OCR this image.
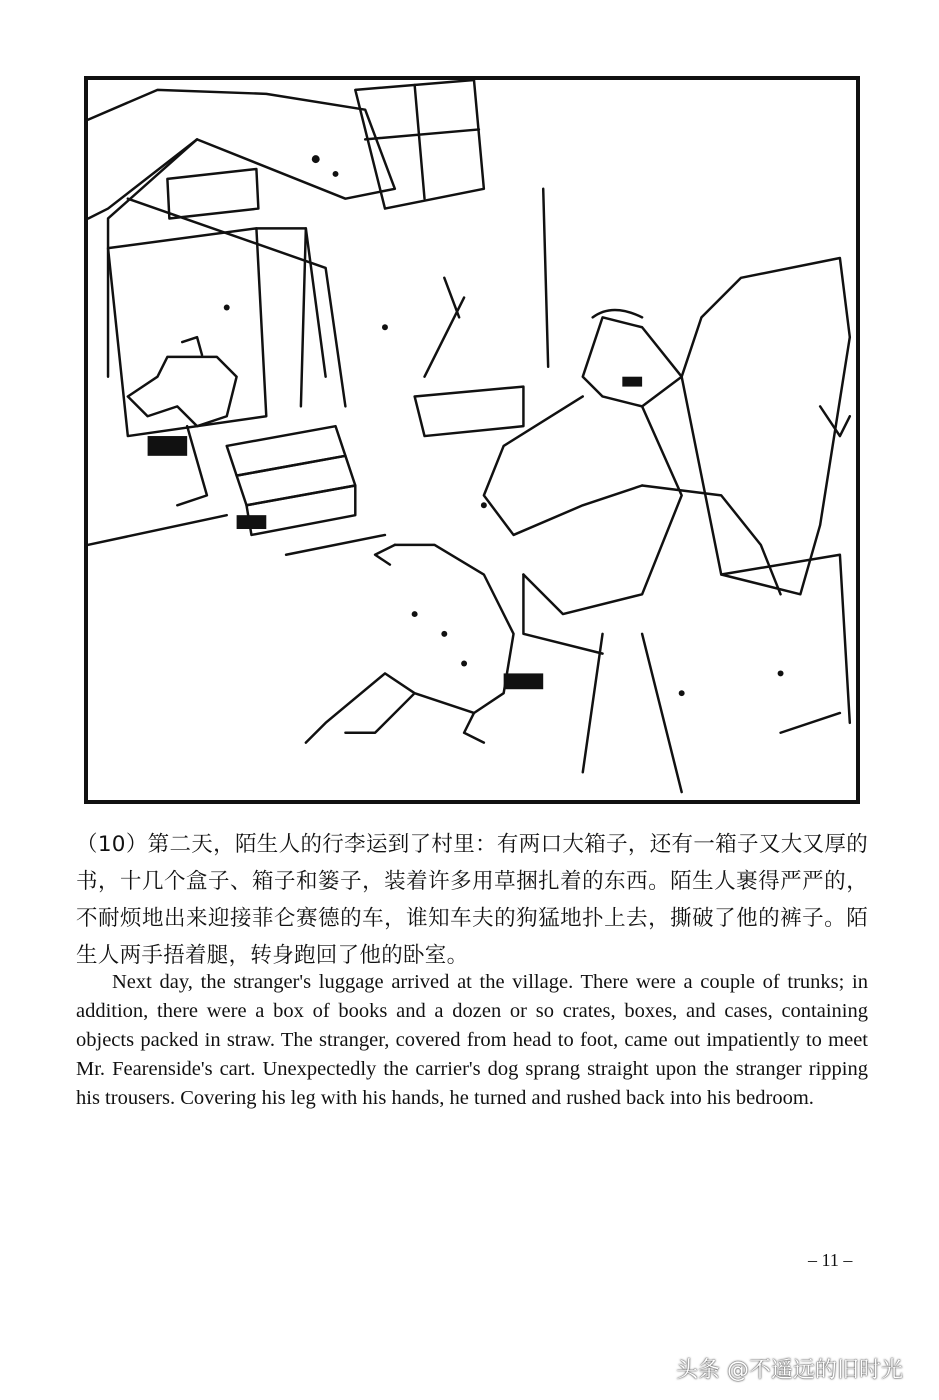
（10）第二天，陌生人的行李运到了村里：有两口大箱子，还有一箱子又大又厚的书，十几个盒子、箱子和篓子，装着许多用草捆扎着的东西。陌生人裹得严严的，不耐烦地出来迎接菲仑赛德的车，谁知车夫的狗猛地扑上去，撕破了他的裤子。陌生人两手捂着腿，转身跑回了他的卧室。

Next day, the stranger's luggage arrived at the village. There were a couple of trunks; in addition, there were a box of books and a dozen or so crates, boxes, and cases, containing objects packed in straw. The stranger, covered from head to foot, came out impatiently to meet Mr. Fearenside's cart. Unexpectedly the carrier's dog sprang straight upon the stranger ripping his trousers. Covering his leg with his hands, he turned and rushed back into his bedroom.

– 11 –
头条 @不遥远的旧时光
